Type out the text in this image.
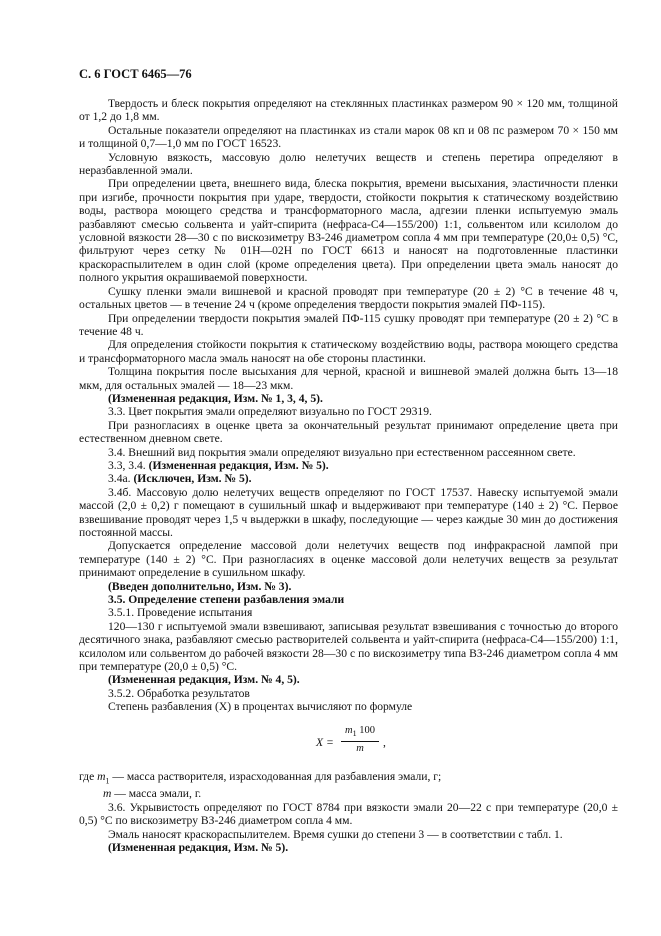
С. 6 ГОСТ 6465—76

Твердость и блеск покрытия определяют на стеклянных пластинках размером 90 × 120 мм, толщиной от 1,2 до 1,8 мм.

Остальные показатели определяют на пластинках из стали марок 08 кп и 08 пс размером 70 × 150 мм и толщиной 0,7—1,0 мм по ГОСТ 16523.

Условную вязкость, массовую долю нелетучих веществ и степень перетира определяют в неразбавленной эмали.

При определении цвета, внешнего вида, блеска покрытия, времени высыхания, эластичности пленки при изгибе, прочности покрытия при ударе, твердости, стойкости покрытия к статическому воздействию воды, раствора моющего средства и трансформаторного масла, адгезии пленки испытуемую эмаль разбавляют смесью сольвента и уайт-спирита (нефраса-С4—155/200) 1:1, сольвентом или ксилолом до условной вязкости 28—30 с по вискозиметру ВЗ-246 диаметром сопла 4 мм при температуре (20,0± 0,5) °С, фильтруют через сетку № 01Н—02Н по ГОСТ 6613 и наносят на подготовленные пластинки краскораспылителем в один слой (кроме определения цвета). При определении цвета эмаль наносят до полного укрытия окрашиваемой поверхности.

Сушку пленки эмали вишневой и красной проводят при температуре (20 ± 2) °С в течение 48 ч, остальных цветов — в течение 24 ч (кроме определения твердости покрытия эмалей ПФ-115).

При определении твердости покрытия эмалей ПФ-115 сушку проводят при температуре (20 ± 2) °С в течение 48 ч.

Для определения стойкости покрытия к статическому воздействию воды, раствора моющего средства и трансформаторного масла эмаль наносят на обе стороны пластинки.

Толщина покрытия после высыхания для черной, красной и вишневой эмалей должна быть 13—18 мкм, для остальных эмалей — 18—23 мкм.

(Измененная редакция, Изм. № 1, 3, 4, 5).

3.3. Цвет покрытия эмали определяют визуально по ГОСТ 29319.

При разногласиях в оценке цвета за окончательный результат принимают определение цвета при естественном дневном свете.

3.4. Внешний вид покрытия эмали определяют визуально при естественном рассеянном свете.

3.3, 3.4. (Измененная редакция, Изм. № 5).

3.4а. (Исключен, Изм. № 5).

3.4б. Массовую долю нелетучих веществ определяют по ГОСТ 17537. Навеску испытуемой эмали массой (2,0 ± 0,2) г помещают в сушильный шкаф и выдерживают при температуре (140 ± 2) °С. Первое взвешивание проводят через 1,5 ч выдержки в шкафу, последующие — через каждые 30 мин до достижения постоянной массы.

Допускается определение массовой доли нелетучих веществ под инфракрасной лампой при температуре (140 ± 2) °С. При разногласиях в оценке массовой доли нелетучих веществ за результат принимают определение в сушильном шкафу.

(Введен дополнительно, Изм. № 3).

3.5. Определение степени разбавления эмали

3.5.1. Проведение испытания

120—130 г испытуемой эмали взвешивают, записывая результат взвешивания с точностью до второго десятичного знака, разбавляют смесью растворителей сольвента и уайт-спирита (нефраса-С4—155/200) 1:1, ксилолом или сольвентом до рабочей вязкости 28—30 с по вискозиметру типа ВЗ-246 диаметром сопла 4 мм при температуре (20,0 ± 0,5) °С.

(Измененная редакция, Изм. № 4, 5).

3.5.2. Обработка результатов

Степень разбавления (X) в процентах вычисляют по формуле

$X = \frac{m_1 100}{m}$ ,

где $m_1$ — масса растворителя, израсходованная для разбавления эмали, г;

m — масса эмали, г.

3.6. Укрывистость определяют по ГОСТ 8784 при вязкости эмали 20—22 с при температуре (20,0 ± 0,5) °С по вискозиметру ВЗ-246 диаметром сопла 4 мм.

Эмаль наносят краскораспылителем. Время сушки до степени 3 — в соответствии с табл. 1.

(Измененная редакция, Изм. № 5).
